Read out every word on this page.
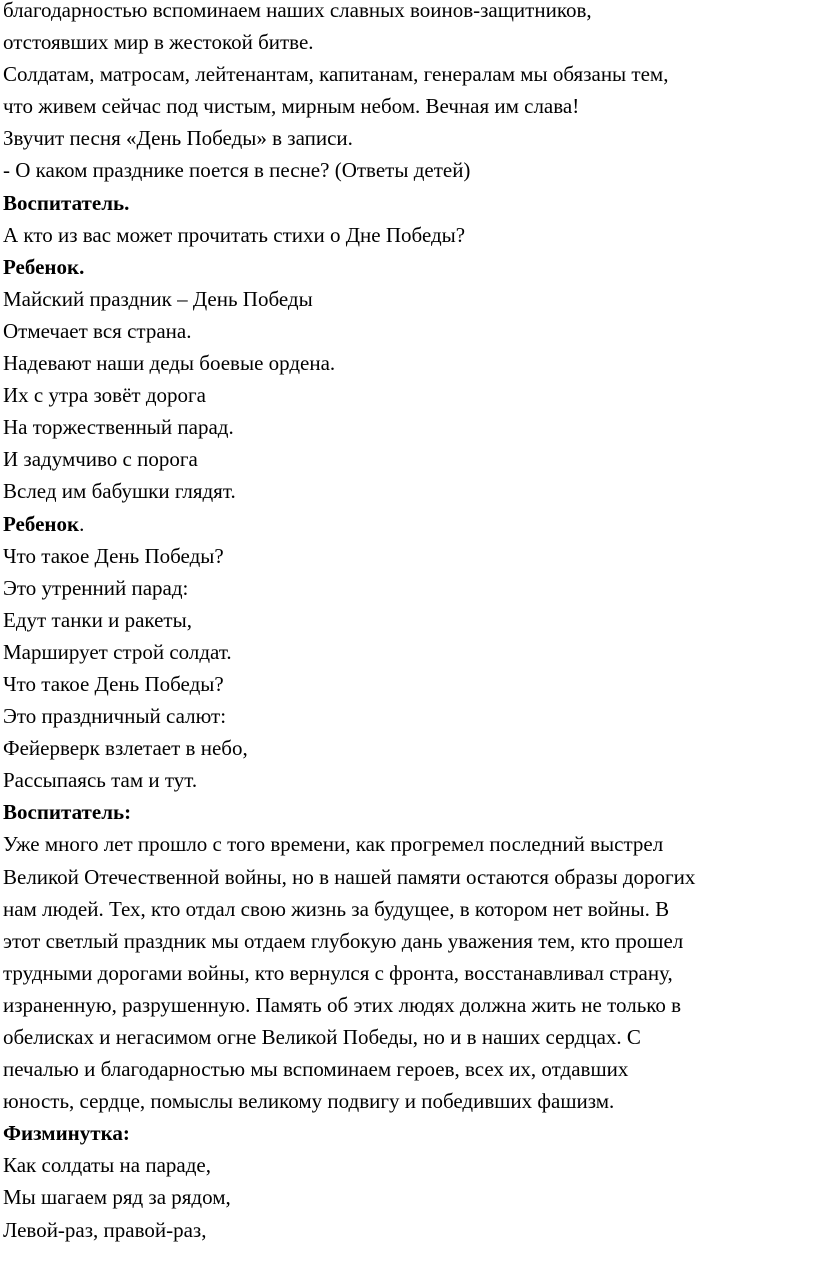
благодарностью вспоминаем наших славных воинов-защитников,
отстоявших мир в жестокой битве.
Солдатам, матросам, лейтенантам, капитанам, генералам мы обязаны тем,
что живем сейчас под чистым, мирным небом. Вечная им слава!
Звучит песня «День Победы» в записи.
- О каком празднике поется в песне? (Ответы детей)
Воспитатель.
А кто из вас может прочитать стихи о Дне Победы?
Ребенок.
Майский праздник – День Победы
Отмечает вся страна.
Надевают наши деды боевые ордена.
Их с утра зовёт дорога
На торжественный парад.
И задумчиво с порога
Вслед им бабушки глядят.
Ребенок.
Что такое День Победы?
Это утренний парад:
Едут танки и ракеты,
Марширует строй солдат.
Что такое День Победы?
Это праздничный салют:
Фейерверк взлетает в небо,
Рассыпаясь там и тут.
Воспитатель:
Уже много лет прошло с того времени, как прогремел последний выстрел
Великой Отечественной войны, но в нашей памяти остаются образы дорогих
нам людей. Тех, кто отдал свою жизнь за будущее, в котором нет войны. В
этот светлый праздник мы отдаем глубокую дань уважения тем, кто прошел
трудными дорогами войны, кто вернулся с фронта, восстанавливал страну,
израненную, разрушенную. Память об этих людях должна жить не только в
обелисках и негасимом огне Великой Победы, но и в наших сердцах. С
печалью и благодарностью мы вспоминаем героев, всех их, отдавших
юность, сердце, помыслы великому подвигу и победивших фашизм.
Физминутка:
Как солдаты на параде,
Мы шагаем ряд за рядом,
Левой-раз, правой-раз,
